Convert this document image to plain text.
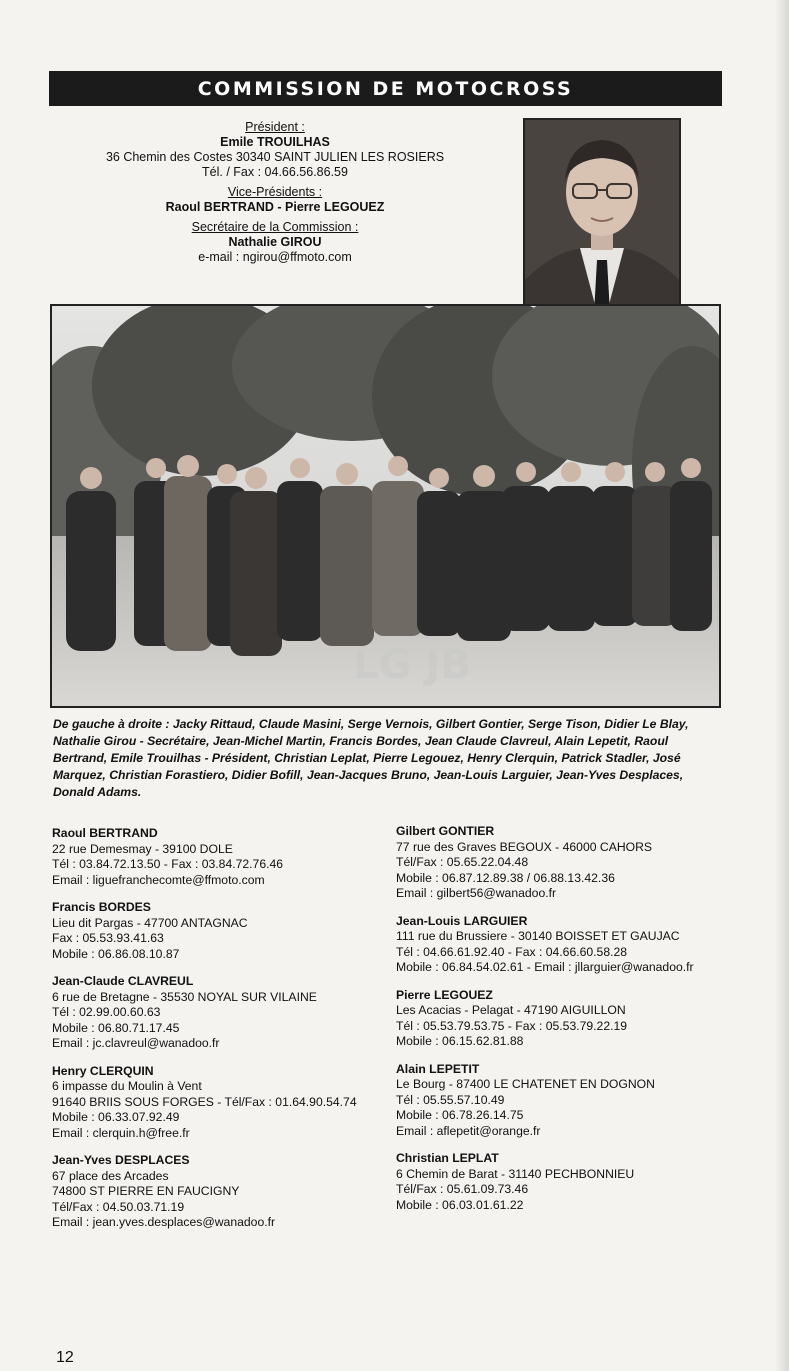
COMMISSION DE MOTOCROSS
Président :
Emile TROUILHAS
36 Chemin des Costes 30340 SAINT JULIEN LES ROSIERS
Tél. / Fax : 04.66.56.86.59
Vice-Présidents :
Raoul BERTRAND - Pierre LEGOUEZ
Secrétaire de la Commission :
Nathalie GIROU
e-mail : ngirou@ffmoto.com
LG JB
De gauche à droite : Jacky Rittaud, Claude Masini, Serge Vernois, Gilbert Gontier, Serge Tison, Didier Le Blay, Nathalie Girou - Secrétaire, Jean-Michel Martin, Francis Bordes, Jean Claude Clavreul, Alain Lepetit, Raoul Bertrand, Emile Trouilhas - Président, Christian Leplat, Pierre Legouez, Henry Clerquin, Patrick Stadler, José Marquez, Christian Forastiero, Didier Bofill, Jean-Jacques Bruno, Jean-Louis Larguier, Jean-Yves Desplaces, Donald Adams.
Raoul BERTRAND
22 rue Demesmay - 39100 DOLE
Tél : 03.84.72.13.50 - Fax : 03.84.72.76.46
Email : liguefranchecomte@ffmoto.com
Francis BORDES
Lieu dit Pargas - 47700 ANTAGNAC
Fax : 05.53.93.41.63
Mobile : 06.86.08.10.87
Jean-Claude CLAVREUL
6 rue de Bretagne - 35530 NOYAL SUR VILAINE
Tél : 02.99.00.60.63
Mobile : 06.80.71.17.45
Email : jc.clavreul@wanadoo.fr
Henry CLERQUIN
6 impasse du Moulin à Vent
91640 BRIIS SOUS FORGES - Tél/Fax : 01.64.90.54.74
Mobile : 06.33.07.92.49
Email : clerquin.h@free.fr
Jean-Yves DESPLACES
67 place des Arcades
74800 ST PIERRE EN FAUCIGNY
Tél/Fax : 04.50.03.71.19
Email : jean.yves.desplaces@wanadoo.fr
Gilbert GONTIER
77 rue des Graves BEGOUX - 46000 CAHORS
Tél/Fax : 05.65.22.04.48
Mobile : 06.87.12.89.38 / 06.88.13.42.36
Email : gilbert56@wanadoo.fr
Jean-Louis LARGUIER
111 rue du Brussiere - 30140 BOISSET ET GAUJAC
Tél : 04.66.61.92.40 - Fax : 04.66.60.58.28
Mobile : 06.84.54.02.61 - Email : jllarguier@wanadoo.fr
Pierre LEGOUEZ
Les Acacias - Pelagat - 47190 AIGUILLON
Tél : 05.53.79.53.75 - Fax : 05.53.79.22.19
Mobile : 06.15.62.81.88
Alain LEPETIT
Le Bourg - 87400 LE CHATENET EN DOGNON
Tél : 05.55.57.10.49
Mobile : 06.78.26.14.75
Email : aflepetit@orange.fr
Christian LEPLAT
6 Chemin de Barat - 31140 PECHBONNIEU
Tél/Fax : 05.61.09.73.46
Mobile : 06.03.01.61.22
12
